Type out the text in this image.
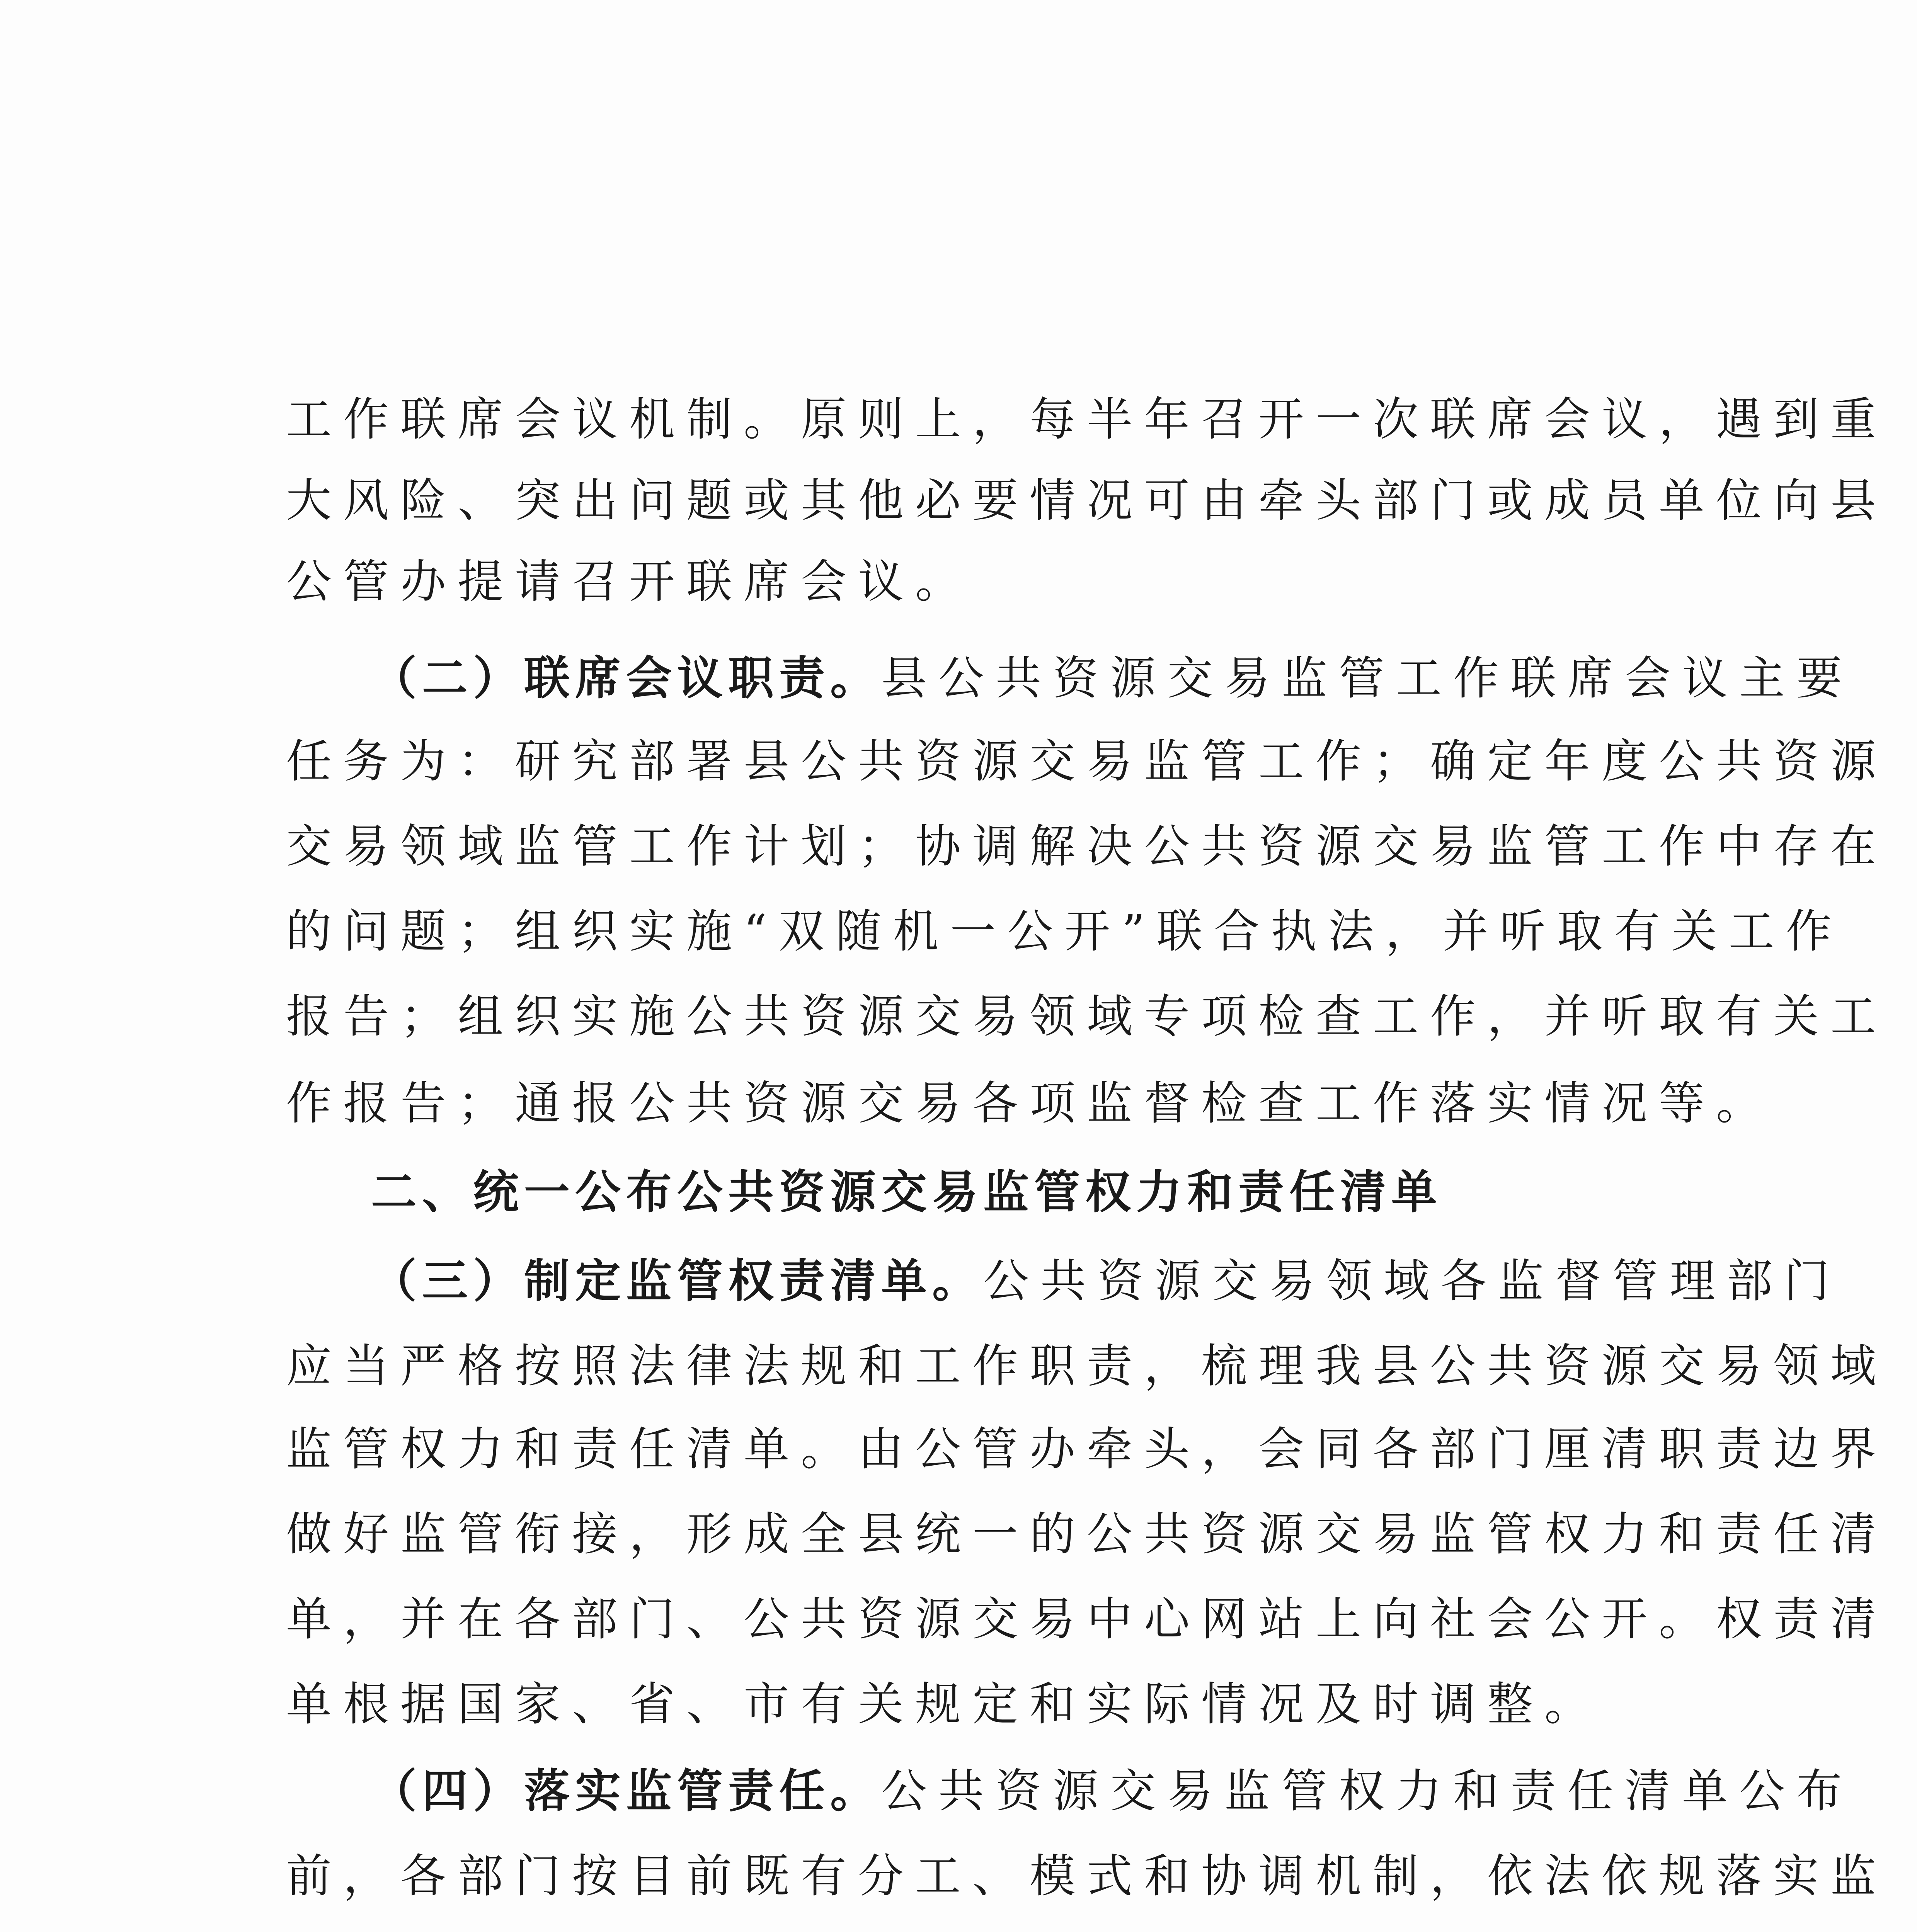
工作联席会议机制。原则上，每半年召开一次联席会议，遇到重
大风险、突出问题或其他必要情况可由牵头部门或成员单位向县
公管办提请召开联席会议。
（二）联席会议职责。县公共资源交易监管工作联席会议主要
任务为：研究部署县公共资源交易监管工作；确定年度公共资源
交易领域监管工作计划；协调解决公共资源交易监管工作中存在
的问题；组织实施“双随机一公开”联合执法，并听取有关工作
报告；组织实施公共资源交易领域专项检查工作，并听取有关工
作报告；通报公共资源交易各项监督检查工作落实情况等。
二、统一公布公共资源交易监管权力和责任清单
（三）制定监管权责清单。公共资源交易领域各监督管理部门
应当严格按照法律法规和工作职责，梳理我县公共资源交易领域
监管权力和责任清单。由公管办牵头，会同各部门厘清职责边界
做好监管衔接，形成全县统一的公共资源交易监管权力和责任清
单，并在各部门、公共资源交易中心网站上向社会公开。权责清
单根据国家、省、市有关规定和实际情况及时调整。
（四）落实监管责任。公共资源交易监管权力和责任清单公布
前，各部门按目前既有分工、模式和协调机制，依法依规落实监
